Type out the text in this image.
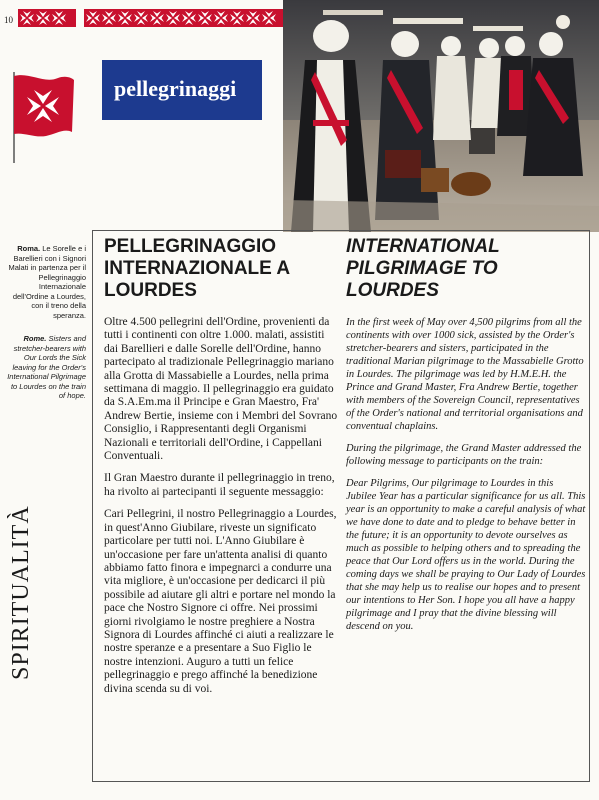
10
Roma. Le Sorelle e i Barellieri con i Signori Malati in partenza per il Pellegrinaggio Internazionale dell'Ordine a Lourdes, con il treno della speranza.
Rome. Sisters and stretcher-bearers with Our Lords the Sick leaving for the Order's International Pilgrimage to Lourdes on the train of hope.
SPIRITUALITÀ
pellegrinaggi
PELLEGRINAGGIO INTERNAZIONALE A LOURDES

Oltre 4.500 pellegrini dell'Ordine, provenienti da tutti i continenti con oltre 1.000. malati, assistiti dai Barellieri e dalle Sorelle dell'Ordine, hanno partecipato al tradizionale Pellegrinaggio mariano alla Grotta di Massabielle a Lourdes, nella prima settimana di maggio. Il pellegrinaggio era guidato da S.A.Em.ma il Principe e Gran Maestro, Fra' Andrew Bertie, insieme con i Membri del Sovrano Consiglio, i Rappresentanti degli Organismi Nazionali e territoriali dell'Ordine, i Cappellani Conventuali.

Il Gran Maestro durante il pellegrinaggio in treno, ha rivolto ai partecipanti il seguente messaggio:

Cari Pellegrini, il nostro Pellegrinaggio a Lourdes, in quest'Anno Giubilare, riveste un significato particolare per tutti noi. L'Anno Giubilare è un'occasione per fare un'attenta analisi di quanto abbiamo fatto finora e impegnarci a condurre una vita migliore, è un'occasione per dedicarci il più possibile ad aiutare gli altri e portare nel mondo la pace che Nostro Signore ci offre. Nei prossimi giorni rivolgiamo le nostre preghiere a Nostra Signora di Lourdes affinché ci aiuti a realizzare le nostre speranze e a presentare a Suo Figlio le nostre intenzioni. Auguro a tutti un felice pellegrinaggio e prego affinché la benedizione divina scenda su di voi.

INTERNATIONAL PILGRIMAGE TO LOURDES

In the first week of May over 4,500 pilgrims from all the continents with over 1000 sick, assisted by the Order's stretcher-bearers and sisters, participated in the traditional Marian pilgrimage to the Massabielle Grotto in Lourdes. The pilgrimage was led by H.M.E.H. the Prince and Grand Master, Fra Andrew Bertie, together with members of the Sovereign Council, representatives of the Order's national and territorial organisations and conventual chaplains.

During the pilgrimage, the Grand Master addressed the following message to participants on the train:

Dear Pilgrims, Our pilgrimage to Lourdes in this Jubilee Year has a particular significance for us all. This year is an opportunity to make a careful analysis of what we have done to date and to pledge to behave better in the future; it is an opportunity to devote ourselves as much as possible to helping others and to spreading the peace that Our Lord offers us in the world. During the coming days we shall be praying to Our Lady of Lourdes that she may help us to realise our hopes and to present our intentions to Her Son. I hope you all have a happy pilgrimage and I pray that the divine blessing will descend on you.
